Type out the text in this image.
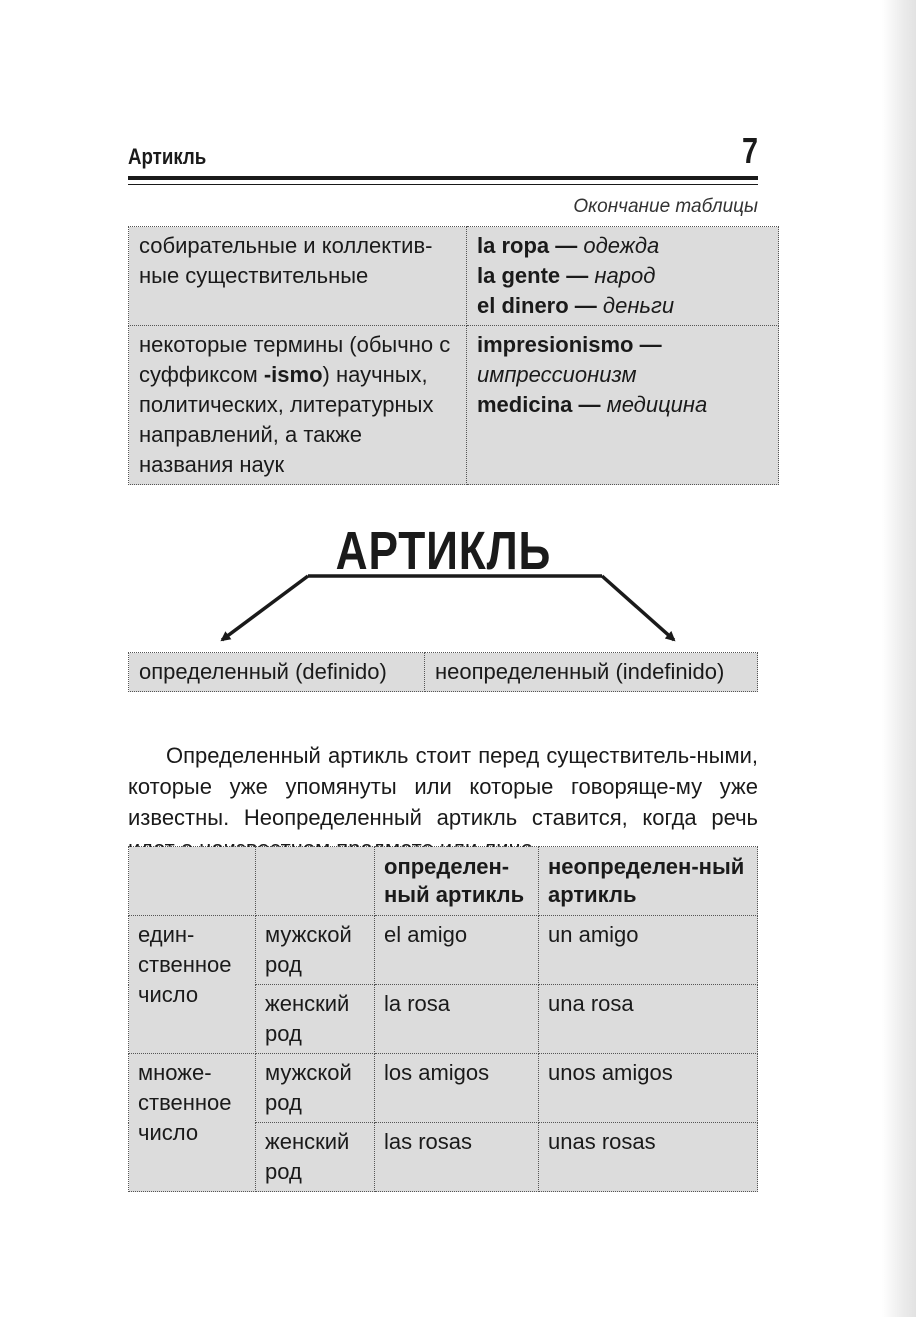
Артикль	7
Окончание таблицы
собирательные и коллектив-ные существительные	la ropa — одежда
la gente — народ
el dinero — деньги

некоторые термины (обычно с суффиксом -ismo) научных, политических, литературных направлений, а также названия наук	impresionismo —
импрессионизм
medicina — медицина
АРТИКЛЬ
определенный (definido)	неопределенный (indefinido)

Определенный артикль стоит перед существитель-ными, которые уже упомянуты или которые говоряще-му уже известны. Неопределенный артикль ставится, когда речь

		определен-ный артикль	неопределен-ный артикль
един-ственное число	мужской род	el amigo	un amigo
	женский род	la rosa	una rosa
множе-ственное число	мужской род	los amigos	unos amigos
	женский род	las rosas	unas rosas
